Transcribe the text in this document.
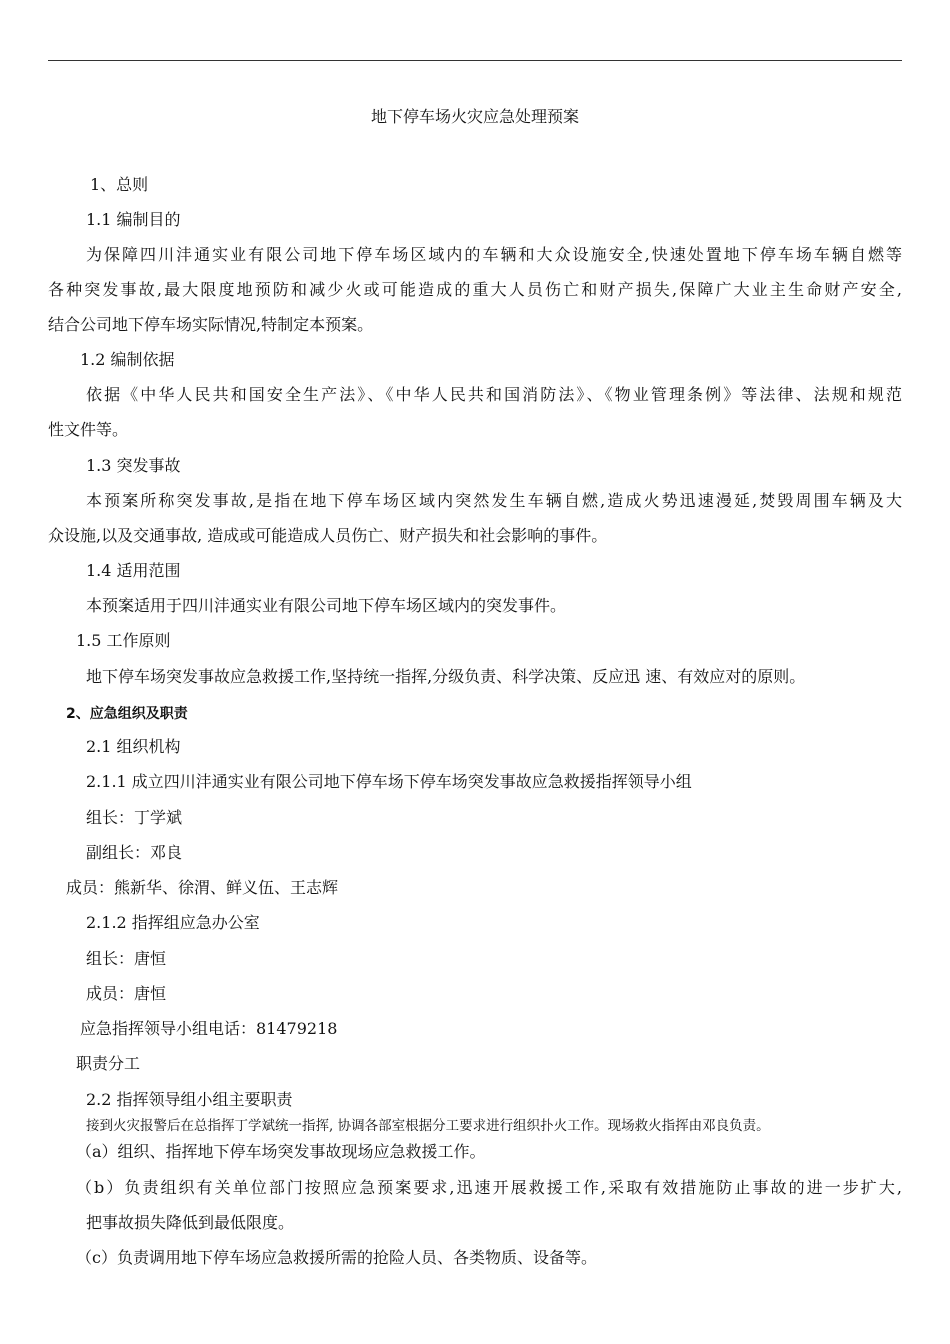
地下停车场火灾应急处理预案
1、总则
1.1 编制目的
为保障四川沣通实业有限公司地下停车场区域内的车辆和大众设施安全,快速处置地下停车场车辆自燃等
各种突发事故,最大限度地预防和减少火或可能造成的重大人员伤亡和财产损失,保障广大业主生命财产安全,
结合公司地下停车场实际情况,特制定本预案。
1.2 编制依据
依据《中华人民共和国安全生产法》、《中华人民共和国消防法》、《物业管理条例》等法律、法规和规范
性文件等。
1.3 突发事故
本预案所称突发事故,是指在地下停车场区域内突然发生车辆自燃,造成火势迅速漫延,焚毁周围车辆及大
众设施,以及交通事故, 造成或可能造成人员伤亡、财产损失和社会影响的事件。
1.4 适用范围
本预案适用于四川沣通实业有限公司地下停车场区域内的突发事件。
1.5 工作原则
地下停车场突发事故应急救援工作,坚持统一指挥,分级负责、科学决策、反应迅 速、有效应对的原则。
2、应急组织及职责
2.1 组织机构
2.1.1 成立四川沣通实业有限公司地下停车场下停车场突发事故应急救援指挥领导小组
组长：丁学斌
副组长：邓良
成员：熊新华、徐渭、鲜义伍、王志辉
2.1.2 指挥组应急办公室
组长：唐恒
成员：唐恒
应急指挥领导小组电话：81479218
职责分工
2.2 指挥领导组小组主要职责
接到火灾报警后在总指挥丁学斌统一指挥, 协调各部室根据分工要求进行组织扑火工作。现场救火指挥由邓良负责。
（a）组织、指挥地下停车场突发事故现场应急救援工作。
（b）负责组织有关单位部门按照应急预案要求,迅速开展救援工作,采取有效措施防止事故的进一步扩大,
把事故损失降低到最低限度。
（c）负责调用地下停车场应急救援所需的抢险人员、各类物质、设备等。
